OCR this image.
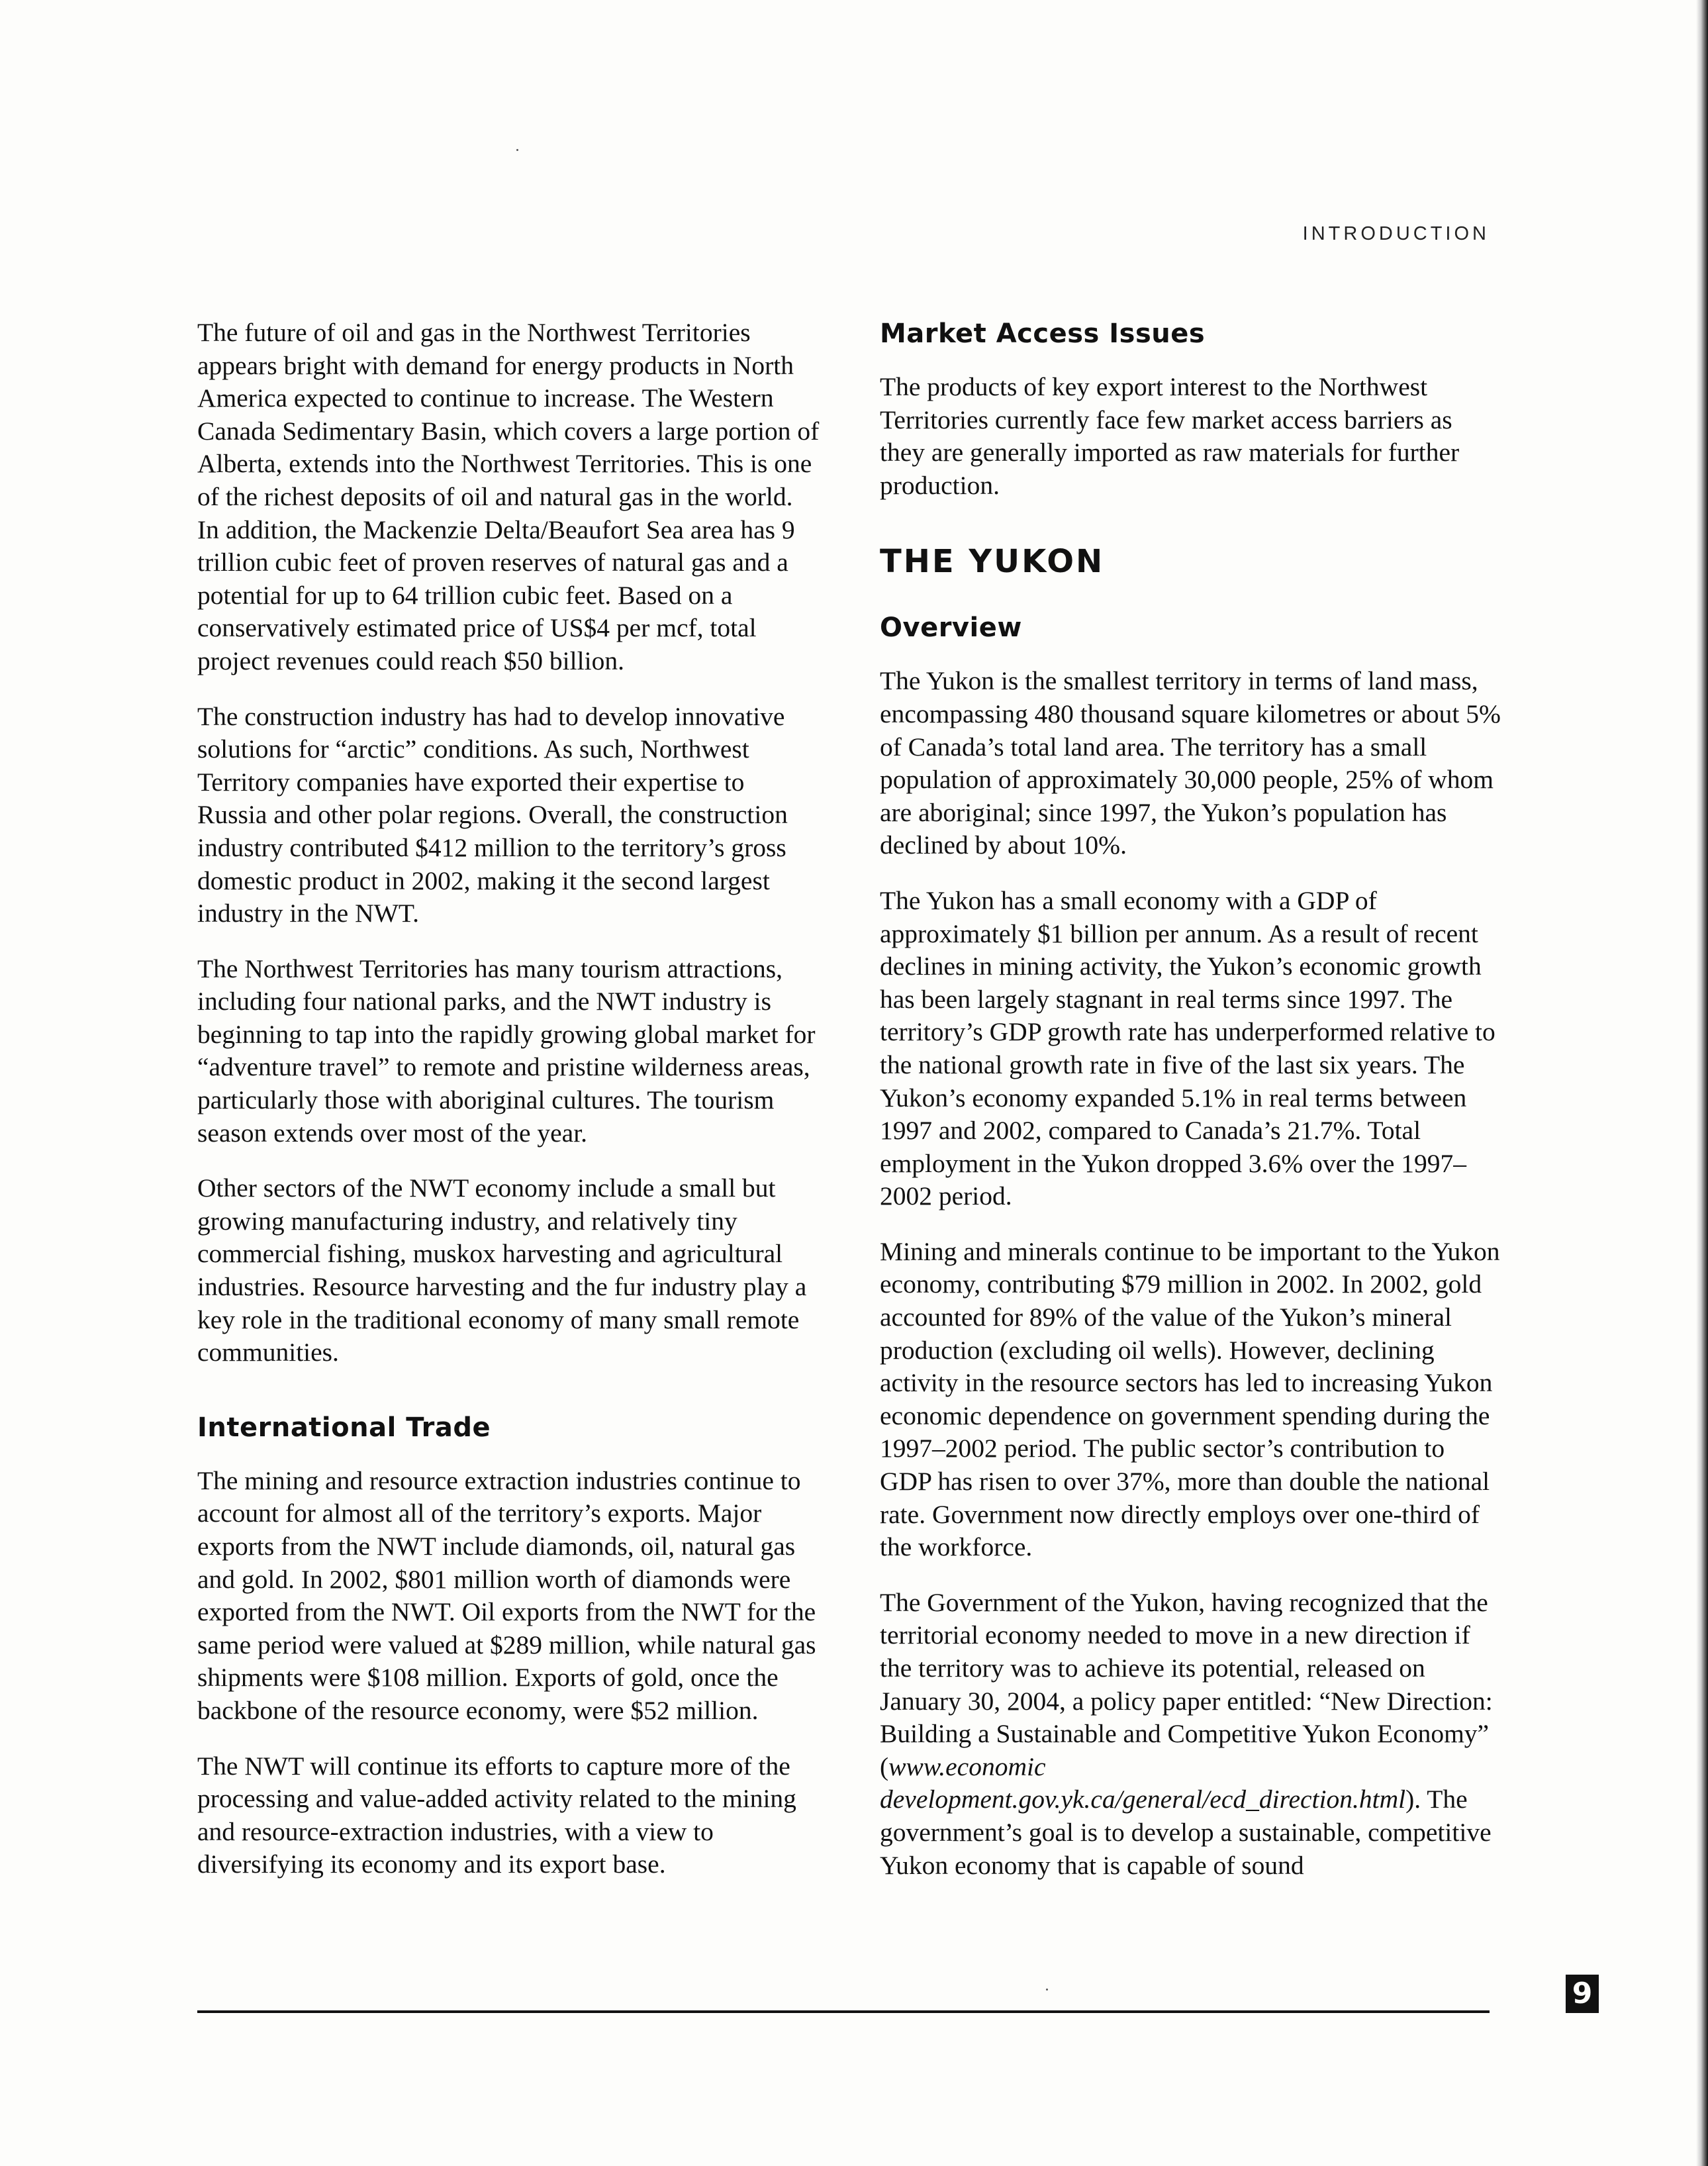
INTRODUCTION

The future of oil and gas in the Northwest Territories appears bright with demand for energy products in North America expected to continue to increase. The Western Canada Sedimentary Basin, which covers a large portion of Alberta, extends into the Northwest Territories. This is one of the richest deposits of oil and natural gas in the world. In addition, the Mackenzie Delta/Beaufort Sea area has 9 trillion cubic feet of proven reserves of natural gas and a potential for up to 64 trillion cubic feet. Based on a conservatively estimated price of US$4 per mcf, total project revenues could reach $50 billion.

The construction industry has had to develop innovative solutions for “arctic” conditions. As such, Northwest Territory companies have exported their expertise to Russia and other polar regions. Overall, the construction industry contributed $412 million to the territory’s gross domestic product in 2002, making it the second largest industry in the NWT.

The Northwest Territories has many tourism attractions, including four national parks, and the NWT industry is beginning to tap into the rapidly growing global market for “adventure travel” to remote and pristine wilderness areas, particularly those with aboriginal cultures. The tourism season extends over most of the year.

Other sectors of the NWT economy include a small but growing manufacturing industry, and relatively tiny commercial fishing, muskox harvesting and agricultural industries. Resource harvesting and the fur industry play a key role in the traditional economy of many small remote communities.

International Trade

The mining and resource extraction industries continue to account for almost all of the territory’s exports. Major exports from the NWT include diamonds, oil, natural gas and gold. In 2002, $801 million worth of diamonds were exported from the NWT. Oil exports from the NWT for the same period were valued at $289 million, while natural gas shipments were $108 million. Exports of gold, once the backbone of the resource economy, were $52 million.

The NWT will continue its efforts to capture more of the processing and value-added activity related to the mining and resource-extraction industries, with a view to diversifying its economy and its export base.

Market Access Issues

The products of key export interest to the Northwest Territories currently face few market access barriers as they are generally imported as raw materials for further production.

THE YUKON
Overview

The Yukon is the smallest territory in terms of land mass, encompassing 480 thousand square kilometres or about 5% of Canada’s total land area. The territory has a small population of approximately 30,000 people, 25% of whom are aboriginal; since 1997, the Yukon’s population has declined by about 10%.

The Yukon has a small economy with a GDP of approximately $1 billion per annum. As a result of recent declines in mining activity, the Yukon’s economic growth has been largely stagnant in real terms since 1997. The territory’s GDP growth rate has underperformed relative to the national growth rate in five of the last six years. The Yukon’s economy expanded 5.1% in real terms between 1997 and 2002, compared to Canada’s 21.7%. Total employment in the Yukon dropped 3.6% over the 1997–2002 period.

Mining and minerals continue to be important to the Yukon economy, contributing $79 million in 2002. In 2002, gold accounted for 89% of the value of the Yukon’s mineral production (excluding oil wells). However, declining activity in the resource sectors has led to increasing Yukon economic dependence on government spending during the 1997–2002 period. The public sector’s contribution to GDP has risen to over 37%, more than double the national rate. Government now directly employs over one-third of the workforce.

The Government of the Yukon, having recognized that the territorial economy needed to move in a new direction if the territory was to achieve its potential, released on January 30, 2004, a policy paper entitled: “New Direction: Building a Sustainable and Competitive Yukon Economy” (www.economic development.gov.yk.ca/general/ecd_direction.html). The government’s goal is to develop a sustainable, competitive Yukon economy that is capable of sound

9
